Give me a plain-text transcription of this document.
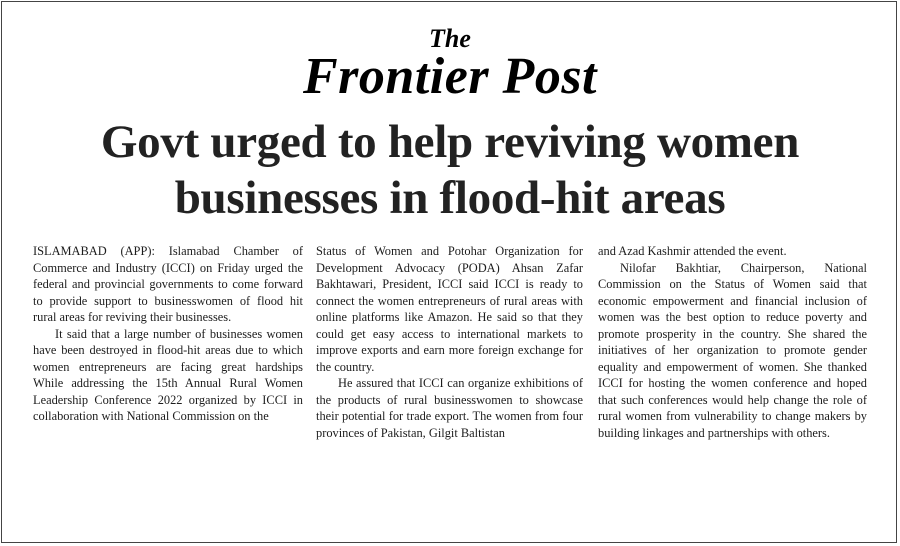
The
Frontier Post
Govt urged to help reviving women businesses in flood-hit areas

ISLAMABAD (APP): Islamabad Chamber of Commerce and Industry (ICCI) on Friday urged the federal and provincial governments to come forward to provide support to businesswomen of flood hit rural areas for reviving their businesses.

It said that a large number of businesses women have been destroyed in flood-hit areas due to which women entrepreneurs are facing great hardships While addressing the 15th Annual Rural Women Leadership Conference 2022 organized by ICCI in collaboration with National Commission on the

Status of Women and Potohar Organization for Development Advocacy (PODA) Ahsan Zafar Bakhtawari, President, ICCI said ICCI is ready to connect the women entrepreneurs of rural areas with online platforms like Amazon. He said so that they could get easy access to international markets to improve exports and earn more foreign exchange for the country.

He assured that ICCI can organize exhibitions of the products of rural businesswomen to showcase their potential for trade export. The women from four provinces of Pakistan, Gilgit Baltistan

and Azad Kashmir attended the event.

Nilofar Bakhtiar, Chairperson, National Commission on the Status of Women said that economic empowerment and financial inclusion of women was the best option to reduce poverty and promote prosperity in the country. She shared the initiatives of her organization to promote gender equality and empowerment of women. She thanked ICCI for hosting the women conference and hoped that such conferences would help change the role of rural women from vulnerability to change makers by building linkages and partnerships with others.
